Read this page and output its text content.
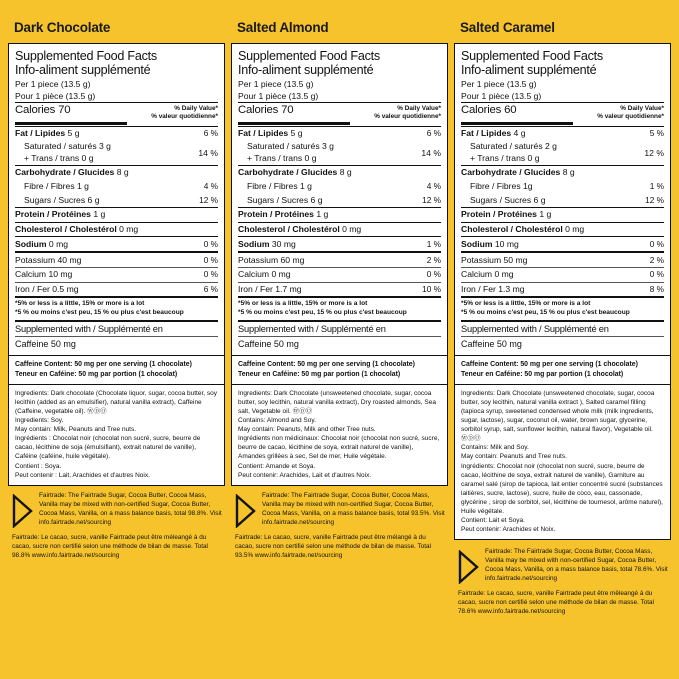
Dark Chocolate
Supplemented Food Facts
Info-aliment supplémenté
Per 1 piece (13.5 g)
Pour 1 pièce (13.5 g)
Calories 70	% Daily Value*
% valeur quotidienne*
Fat / Lipides 5 g	6 %
Saturated / saturés 3 g
+ Trans / trans 0 g	14 %
Carbohydrate / Glucides 8 g
Fibre / Fibres 1 g	4 %
Sugars / Sucres 6 g	12 %
Protein / Protéines 1 g
Cholesterol / Cholestérol 0 mg
Sodium 0 mg	0 %
Potassium 40 mg	0 %
Calcium 10 mg	0 %
Iron / Fer 0.5 mg	6 %
*5% or less is a little, 15% or more is a lot
*5 % ou moins c'est peu, 15 % ou plus c'est beaucoup
Supplemented with / Supplémenté en
Caffeine 50 mg
Caffeine Content: 50 mg per one serving (1 chocolate)
Teneur en Caféine: 50 mg par portion (1 chocolat)
Ingredients: Dark chocolate (Chocolate liquor, sugar, cocoa butter, soy lecithin (added as an emulsifier), natural vanilla extract), Caffeine (Caffeine, vegetable oil). ⓌⒹⓄ
Ingredients: Soy.
May contain: Milk, Peanuts and Tree nuts.
Ingrédients : Chocolat noir (chocolat non sucré, sucre, beurre de cacao, lécithine de soja (émulsifiant), extrait naturel de vanille), Caféine (caféine, huile végétale).
Contient : Soya.
Peut contenir : Lait, Arachides et d'autres Noix.
Fairtrade: The Fairtrade Sugar, Cocoa Butter, Cocoa Mass, Vanilla may be mixed with non-certified Sugar, Cocoa Butter, Cocoa Mass, Vanilla, on a mass balance basis, total 98.8%. Visit info.fairtrade.net/sourcing
Fairtrade: Le cacao, sucre, vanille Fairtrade peut être méleangé à du cacao, sucre non certifié selon une méthode de bilan de masse. Total 98.8% www.info.fairtrade.net/sourcing
Salted Almond
Supplemented Food Facts
Info-aliment supplémenté
Per 1 piece (13.5 g)
Pour 1 pièce (13.5 g)
Calories 70	% Daily Value*
% valeur quotidienne*
Fat / Lipides 5 g	6 %
Saturated / saturés 3 g
+ Trans / trans 0 g	14 %
Carbohydrate / Glucides 8 g
Fibre / Fibres 1 g	4 %
Sugars / Sucres 6 g	12 %
Protein / Protéines 1 g
Cholesterol / Cholestérol 0 mg
Sodium 30 mg	1 %
Potassium 60 mg	2 %
Calcium 0 mg	0 %
Iron / Fer 1.7 mg	10 %
*5% or less is a little, 15% or more is a lot
*5 % ou moins c'est peu, 15 % ou plus c'est beaucoup
Supplemented with / Supplémenté en
Caffeine 50 mg
Caffeine Content: 50 mg per one serving (1 chocolate)
Teneur en Caféine: 50 mg par portion (1 chocolat)
Ingredients: Dark Chocolate (unsweetened chocolate, sugar, cocoa butter, soy lecithin, natural vanilla extract), Dry roasted almonds, Sea salt, Vegetable oil. ⓌⒹⓄ
Contains: Almond and Soy.
May contain: Peanuts, Milk and other Tree nuts.
Ingrédients non médicinaux: Chocolat noir (chocolat non sucré, sucre, beurre de cacao, lécithine de soya, extrait naturel de vanille), Amandes grillées à sec, Sel de mer, Huile végétale.
Contient: Amande et Soya.
Peut contenir: Arachides, Lait et d'autres Noix.
Fairtrade: The Fairtrade Sugar, Cocoa Butter, Cocoa Mass, Vanilla may be mixed with non-certified Sugar, Cocoa Butter, Cocoa Mass, Vanilla, on a mass balance basis, total 93.5%. Visit info.fairtrade.net/sourcing
Fairtrade: Le cacao, sucre, vanille Fairtrade peut être mélangé à du cacao, sucre non certifié selon une méthode de bilan de masse. Total 93.5% www.info.fairtrade.net/sourcing
Salted Caramel
Supplemented Food Facts
Info-aliment supplémenté
Per 1 piece (13.5 g)
Pour 1 pièce (13.5 g)
Calories 60	% Daily Value*
% valeur quotidienne*
Fat / Lipides 4 g	5 %
Saturated / saturés 2 g
+ Trans / trans 0 g	12 %
Carbohydrate / Glucides 8 g
Fibre / Fibres 1g	1 %
Sugars / Sucres 6 g	12 %
Protein / Protéines 1 g
Cholesterol / Cholestérol 0 mg
Sodium 10 mg	0 %
Potassium 50 mg	2 %
Calcium 0 mg	0 %
Iron / Fer 1.3 mg	8 %
*5% or less is a little, 15% or more is a lot
*5 % ou moins c'est peu, 15 % ou plus c'est beaucoup
Supplemented with / Supplémenté en
Caffeine 50 mg
Caffeine Content: 50 mg per one serving (1 chocolate)
Teneur en Caféine: 50 mg par portion (1 chocolat)
Ingredients: Dark Chocolate (unsweetened chocolate, sugar, cocoa butter, soy lecithin, natural vanilla extract ), Salted caramel filling (tapioca syrup, sweetened condensed whole milk (milk ingredients, sugar, lactose), sugar, coconut oil, water, brown sugar, glycerine, sorbitol syrup, salt, sunflower lecithin, natural flavor), Vegetable oil. ⓌⒹⓄ
Contains: Milk and Soy.
May contain: Peanuts and Tree nuts.
Ingrédients: Chocolat noir (chocolat non sucré, sucre, beurre de cacao, lécithine de soya, extrait naturel de vanille), Garniture au caramel salé (sirop de tapioca, lait entier concentré sucré (substances laitières, sucre, lactose), sucre, huile de coco, eau, cassonade, glycérine , sirop de sorbitol, sel, lécithine de tournesol, arôme naturel), Huile végétale.
Contient: Lait et Soya.
Peut contenir: Arachides et Noix.
Fairtrade: The Fairtrade Sugar, Cocoa Butter, Cocoa Mass, Vanilla may be mixed with non-certified Sugar, Cocoa Butter, Cocoa Mass, Vanilla, on a mass balance basis, total 78.6%. Visit info.fairtrade.net/sourcing
Fairtrade: Le cacao, sucre, vanille Fairtrade peut être mêleangé à du cacao, sucre non certifié selon une méthode de bilan de masse. Total 78.6% www.info.fairtrade.net/sourcing
